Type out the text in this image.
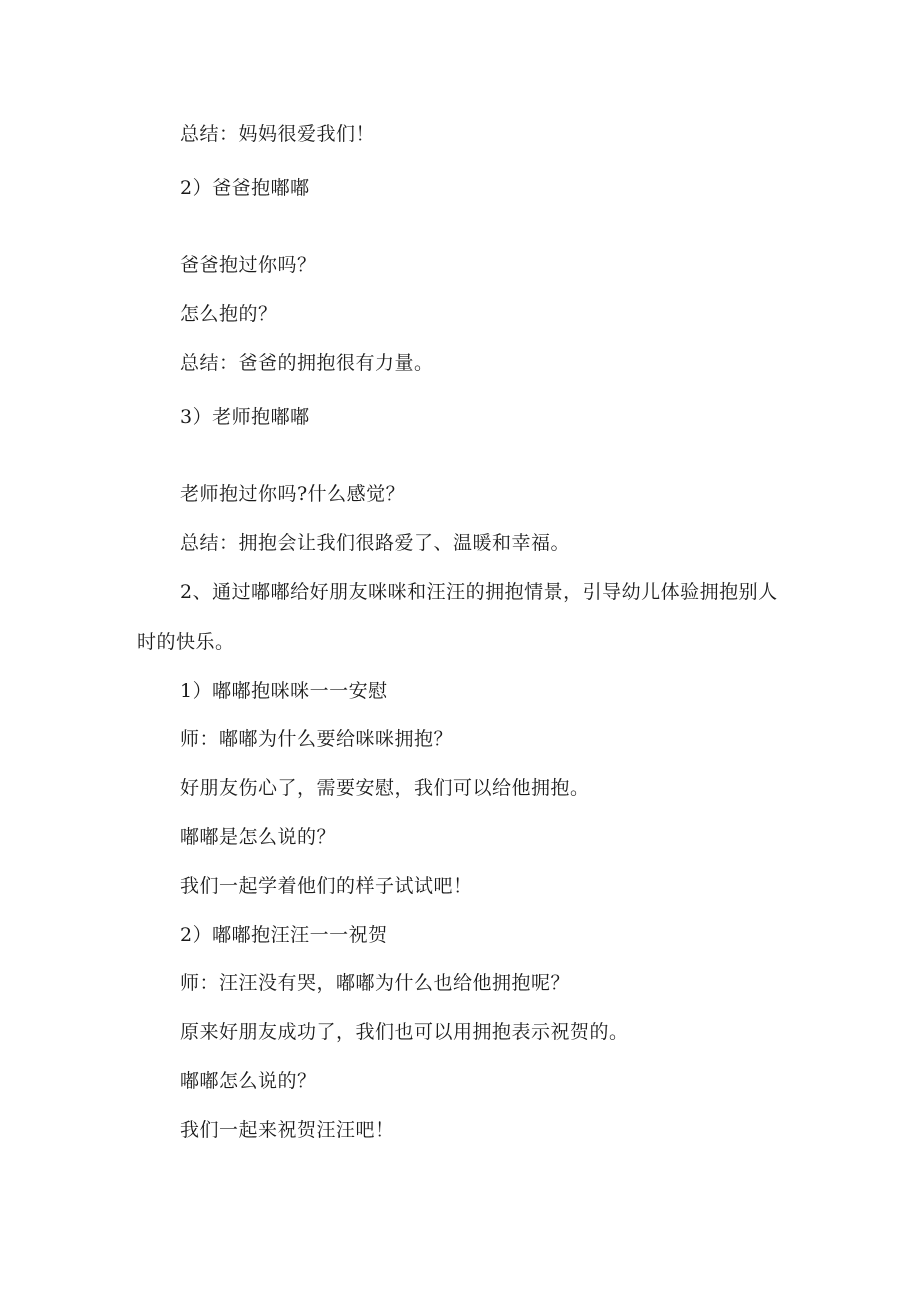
总结：妈妈很爱我们！
2）爸爸抱嘟嘟
爸爸抱过你吗？
怎么抱的？
总结：爸爸的拥抱很有力量。
3）老师抱嘟嘟
老师抱过你吗?什么感觉？
总结：拥抱会让我们很路爱了、温暖和幸福。
2、通过嘟嘟给好朋友咪咪和汪汪的拥抱情景，引导幼儿体验拥抱别人时的快乐。
1）嘟嘟抱咪咪一一安慰
师：嘟嘟为什么要给咪咪拥抱？
好朋友伤心了，需要安慰，我们可以给他拥抱。
嘟嘟是怎么说的？
我们一起学着他们的样子试试吧！
2）嘟嘟抱汪汪一一祝贺
师：汪汪没有哭，嘟嘟为什么也给他拥抱呢？
原来好朋友成功了，我们也可以用拥抱表示祝贺的。
嘟嘟怎么说的？
我们一起来祝贺汪汪吧！
